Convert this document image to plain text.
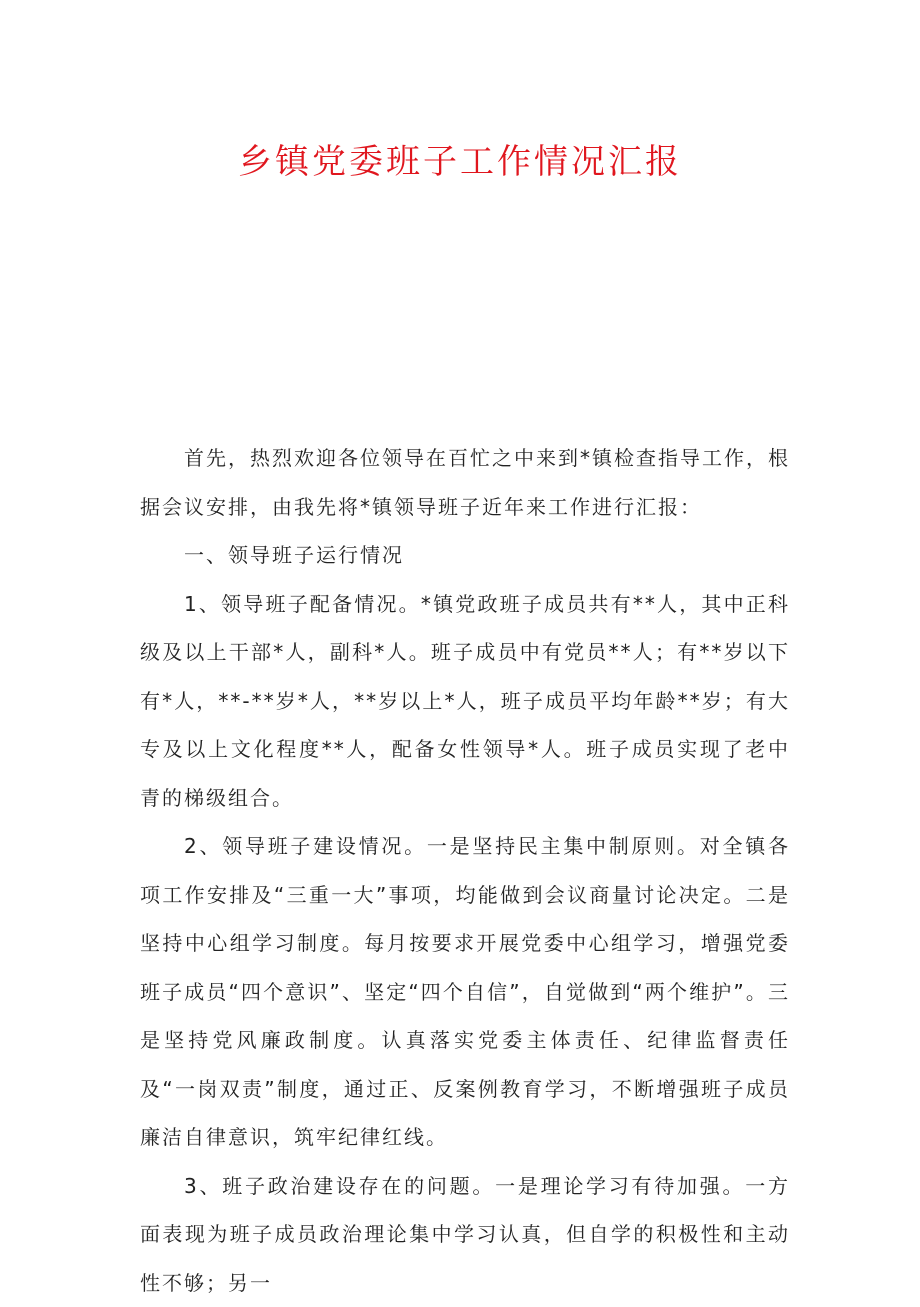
乡镇党委班子工作情况汇报

首先，热烈欢迎各位领导在百忙之中来到*镇检查指导工作，根据会议安排，由我先将*镇领导班子近年来工作进行汇报：

一、领导班子运行情况

1、领导班子配备情况。*镇党政班子成员共有**人，其中正科级及以上干部*人，副科*人。班子成员中有党员**人；有**岁以下有*人，**-**岁*人，**岁以上*人，班子成员平均年龄**岁；有大专及以上文化程度**人，配备女性领导*人。班子成员实现了老中青的梯级组合。

2、领导班子建设情况。一是坚持民主集中制原则。对全镇各项工作安排及“三重一大”事项，均能做到会议商量讨论决定。二是坚持中心组学习制度。每月按要求开展党委中心组学习，增强党委班子成员“四个意识”、坚定“四个自信”，自觉做到“两个维护”。三是坚持党风廉政制度。认真落实党委主体责任、纪律监督责任及“一岗双责”制度，通过正、反案例教育学习，不断增强班子成员廉洁自律意识，筑牢纪律红线。

3、班子政治建设存在的问题。一是理论学习有待加强。一方面表现为班子成员政治理论集中学习认真，但自学的积极性和主动性不够；另一
